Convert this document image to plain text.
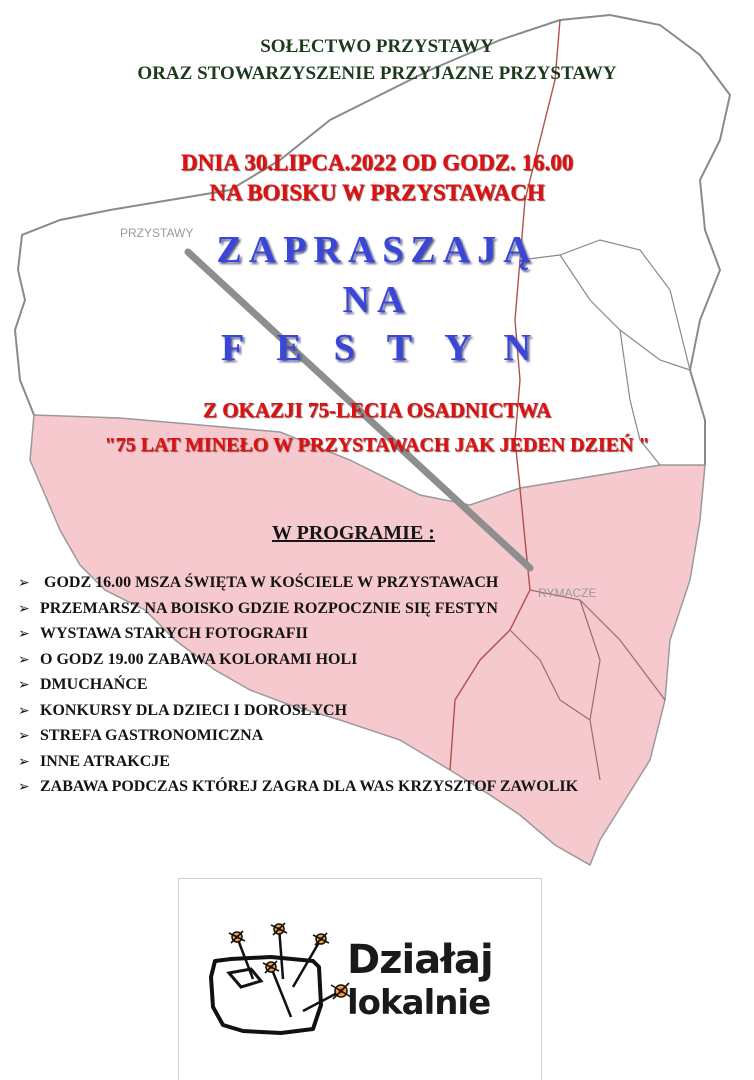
PRZYSTAWY

RYMACZE

SOŁECTWO PRZYSTAWY

ORAZ STOWARZYSZENIE PRZYJAZNE PRZYSTAWY

DNIA 30.LIPCA.2022 OD GODZ. 16.00

NA BOISKU W PRZYSTAWACH

ZAPRASZAJĄ

NA

FESTYN

Z OKAZJI 75-LECIA OSADNICTWA

"75 LAT MINEŁO W PRZYSTAWACH JAK JEDEN DZIEŃ "

W PROGRAMIE :

➢ GODZ 16.00 MSZA ŚWIĘTA W KOŚCIELE W PRZYSTAWACH
➢ PRZEMARSZ NA BOISKO GDZIE ROZPOCZNIE SIĘ FESTYN
➢ WYSTAWA STARYCH FOTOGRAFII
➢ O GODZ 19.00 ZABAWA KOLORAMI HOLI
➢ DMUCHAŃCE
➢ KONKURSY DLA DZIECI I DOROSŁYCH
➢ STREFA GASTRONOMICZNA
➢ INNE ATRAKCJE
➢ ZABAWA PODCZAS KTÓREJ ZAGRA DLA WAS KRZYSZTOF ZAWOLIK

Działaj

lokalnie
